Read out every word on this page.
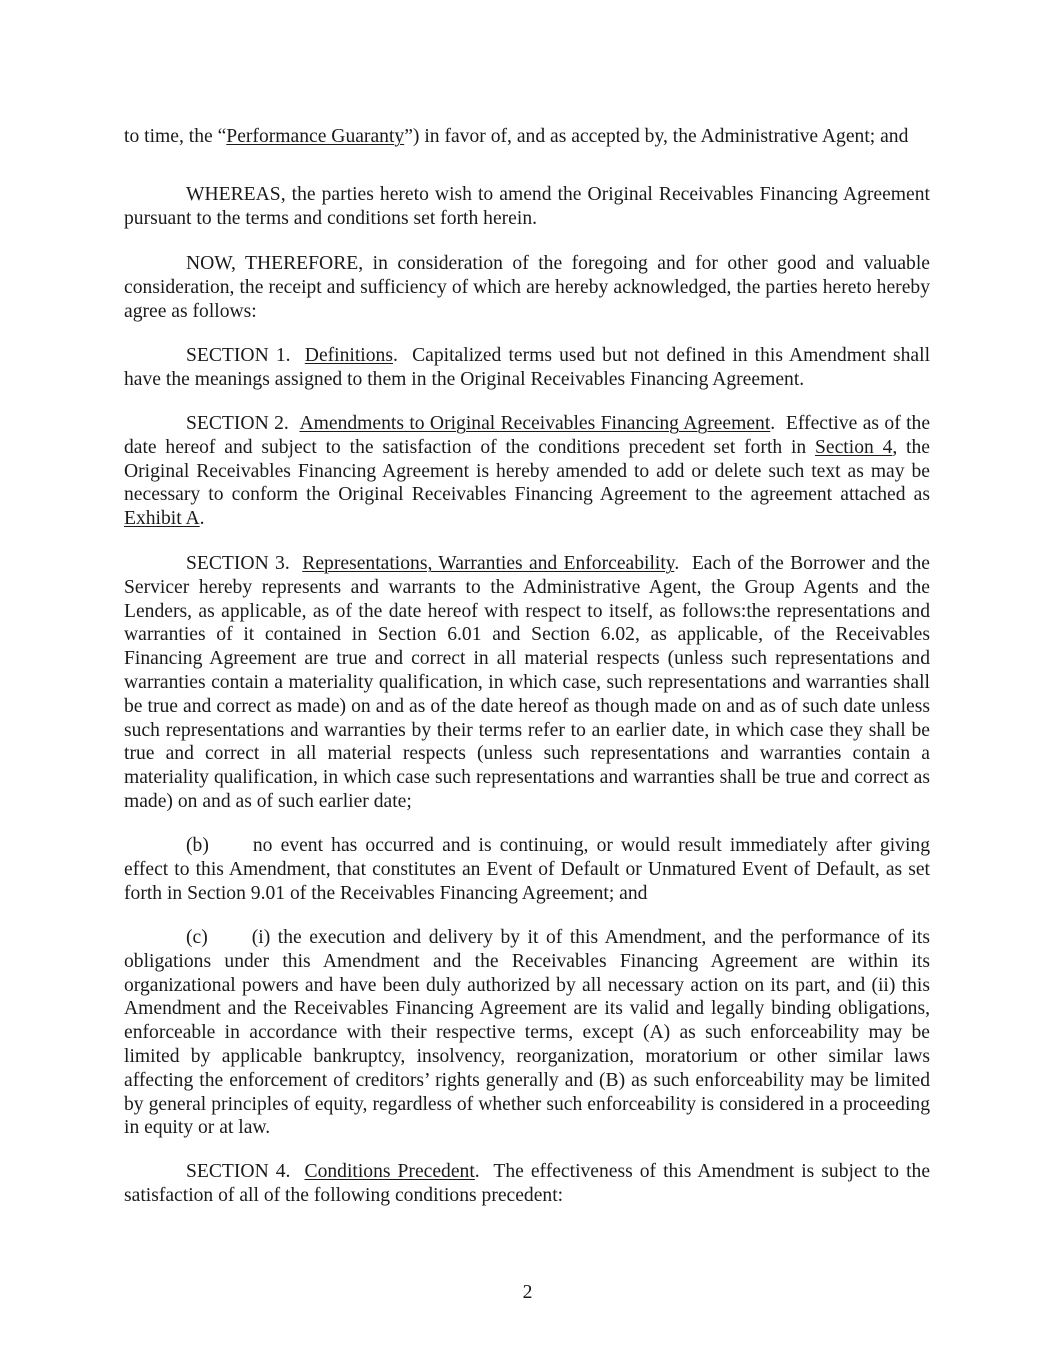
to time, the “Performance Guaranty”) in favor of, and as accepted by, the Administrative Agent; and

WHEREAS, the parties hereto wish to amend the Original Receivables Financing Agreement pursuant to the terms and conditions set forth herein.

NOW, THEREFORE, in consideration of the foregoing and for other good and valuable consideration, the receipt and sufficiency of which are hereby acknowledged, the parties hereto hereby agree as follows:

SECTION 1. Definitions.  Capitalized terms used but not defined in this Amendment shall have the meanings assigned to them in the Original Receivables Financing Agreement.

SECTION 2. Amendments to Original Receivables Financing Agreement.  Effective as of the date hereof and subject to the satisfaction of the conditions precedent set forth in Section 4, the Original Receivables Financing Agreement is hereby amended to add or delete such text as may be necessary to conform the Original Receivables Financing Agreement to the agreement attached as Exhibit A.

SECTION 3. Representations, Warranties and Enforceability.  Each of the Borrower and the Servicer hereby represents and warrants to the Administrative Agent, the Group Agents and the Lenders, as applicable, as of the date hereof with respect to itself, as follows:the representations and warranties of it contained in Section 6.01 and Section 6.02, as applicable, of the Receivables Financing Agreement are true and correct in all material respects (unless such representations and warranties contain a materiality qualification, in which case, such representations and warranties shall be true and correct as made) on and as of the date hereof as though made on and as of such date unless such representations and warranties by their terms refer to an earlier date, in which case they shall be true and correct in all material respects (unless such representations and warranties contain a materiality qualification, in which case such representations and warranties shall be true and correct as made) on and as of such earlier date;

(b) no event has occurred and is continuing, or would result immediately after giving effect to this Amendment, that constitutes an Event of Default or Unmatured Event of Default, as set forth in Section 9.01 of the Receivables Financing Agreement; and

(c) (i) the execution and delivery by it of this Amendment, and the performance of its obligations under this Amendment and the Receivables Financing Agreement are within its organizational powers and have been duly authorized by all necessary action on its part, and (ii) this Amendment and the Receivables Financing Agreement are its valid and legally binding obligations, enforceable in accordance with their respective terms, except (A) as such enforceability may be limited by applicable bankruptcy, insolvency, reorganization, moratorium or other similar laws affecting the enforcement of creditors’ rights generally and (B) as such enforceability may be limited by general principles of equity, regardless of whether such enforceability is considered in a proceeding in equity or at law.

SECTION 4. Conditions Precedent.  The effectiveness of this Amendment is subject to the satisfaction of all of the following conditions precedent:

2
